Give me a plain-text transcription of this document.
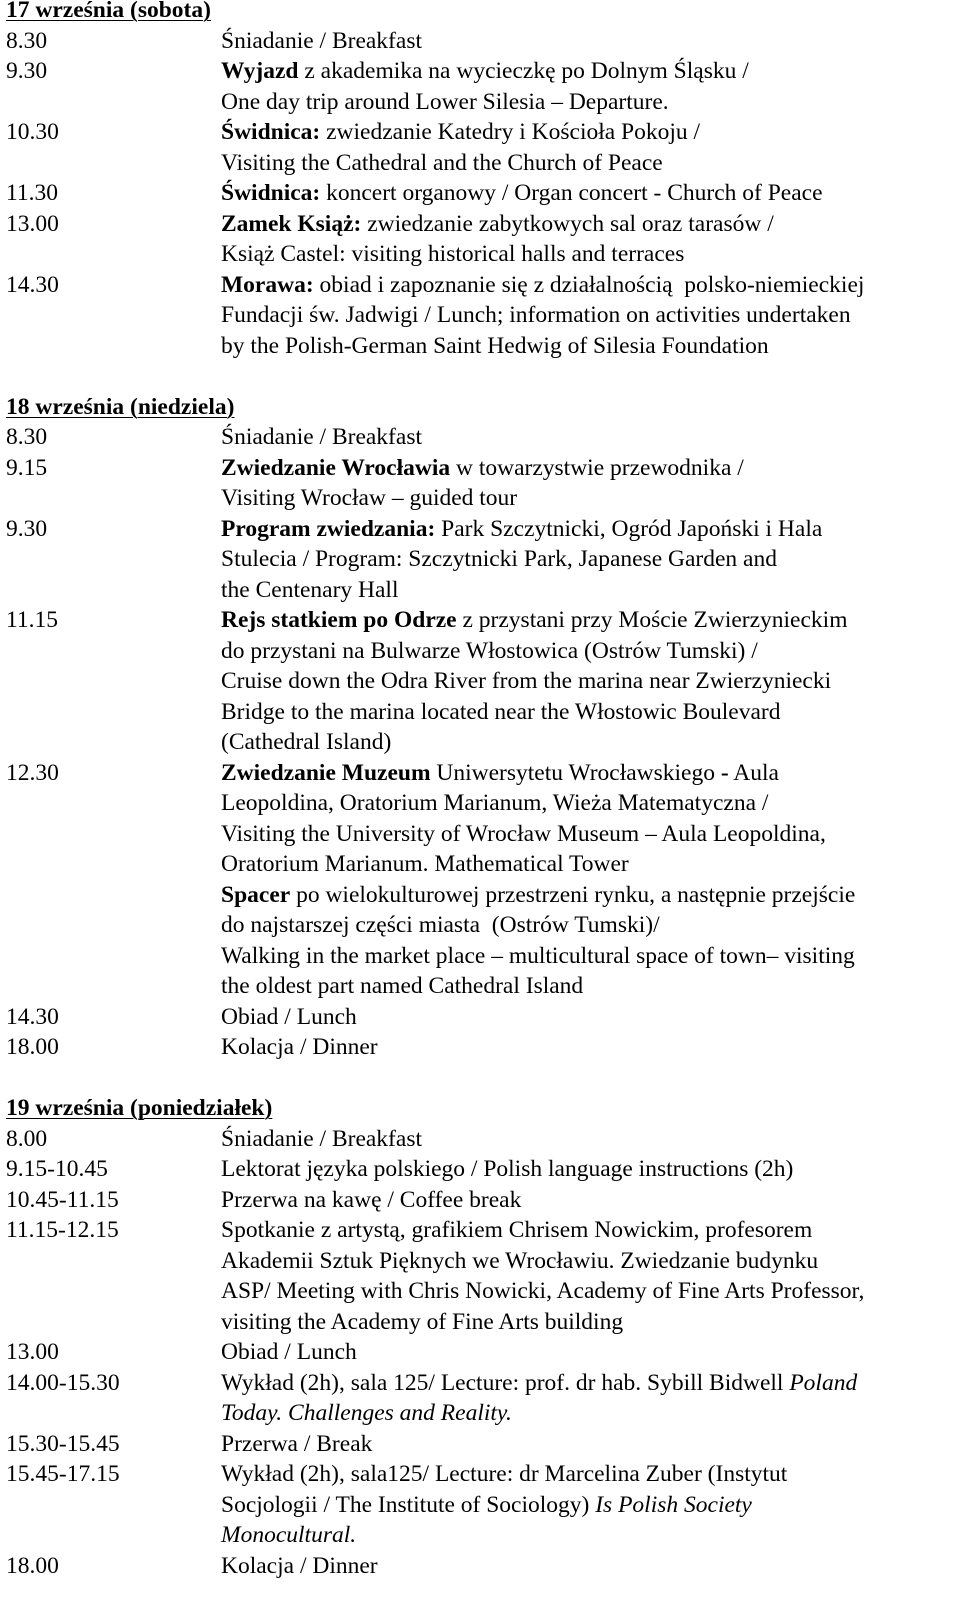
17 września (sobota)
8.30	Śniadanie / Breakfast
9.30	Wyjazd z akademika na wycieczkę po Dolnym Śląsku /
One day trip around Lower Silesia – Departure.
10.30	Świdnica: zwiedzanie Katedry i Kościoła Pokoju /
Visiting the Cathedral and the Church of Peace
11.30	Świdnica: koncert organowy / Organ concert - Church of Peace
13.00	Zamek Książ: zwiedzanie zabytkowych sal oraz tarasów /
Książ Castel: visiting historical halls and terraces
14.30	Morawa: obiad i zapoznanie się z działalnością  polsko-niemieckiej
Fundacji św. Jadwigi / Lunch; information on activities undertaken
by the Polish-German Saint Hedwig of Silesia Foundation
18 września (niedziela)
8.30	Śniadanie / Breakfast
9.15	Zwiedzanie Wrocławia w towarzystwie przewodnika /
Visiting Wrocław – guided tour
9.30	Program zwiedzania: Park Szczytnicki, Ogród Japoński i Hala
Stulecia / Program: Szczytnicki Park, Japanese Garden and
the Centenary Hall
11.15	Rejs statkiem po Odrze z przystani przy Moście Zwierzynieckim
do przystani na Bulwarze Włostowica (Ostrów Tumski) /
Cruise down the Odra River from the marina near Zwierzyniecki
Bridge to the marina located near the Włostowic Boulevard
(Cathedral Island)
12.30	Zwiedzanie Muzeum Uniwersytetu Wrocławskiego - Aula
Leopoldina, Oratorium Marianum, Wieża Matematyczna /
Visiting the University of Wrocław Museum – Aula Leopoldina,
Oratorium Marianum. Mathematical Tower
Spacer po wielokulturowej przestrzeni rynku, a następnie przejście
do najstarszej części miasta  (Ostrów Tumski)/
Walking in the market place – multicultural space of town– visiting
the oldest part named Cathedral Island
14.30	Obiad / Lunch
18.00	Kolacja / Dinner
19 września (poniedziałek)
8.00	Śniadanie / Breakfast
9.15-10.45	Lektorat języka polskiego / Polish language instructions (2h)
10.45-11.15	Przerwa na kawę / Coffee break
11.15-12.15	Spotkanie z artystą, grafikiem Chrisem Nowickim, profesorem
Akademii Sztuk Pięknych we Wrocławiu. Zwiedzanie budynku
ASP/ Meeting with Chris Nowicki, Academy of Fine Arts Professor,
visiting the Academy of Fine Arts building
13.00	Obiad / Lunch
14.00-15.30	Wykład (2h), sala 125/ Lecture: prof. dr hab. Sybill Bidwell Poland
Today. Challenges and Reality.
15.30-15.45	Przerwa / Break
15.45-17.15	Wykład (2h), sala125/ Lecture: dr Marcelina Zuber (Instytut
Socjologii / The Institute of Sociology) Is Polish Society
Monocultural.
18.00	Kolacja / Dinner
